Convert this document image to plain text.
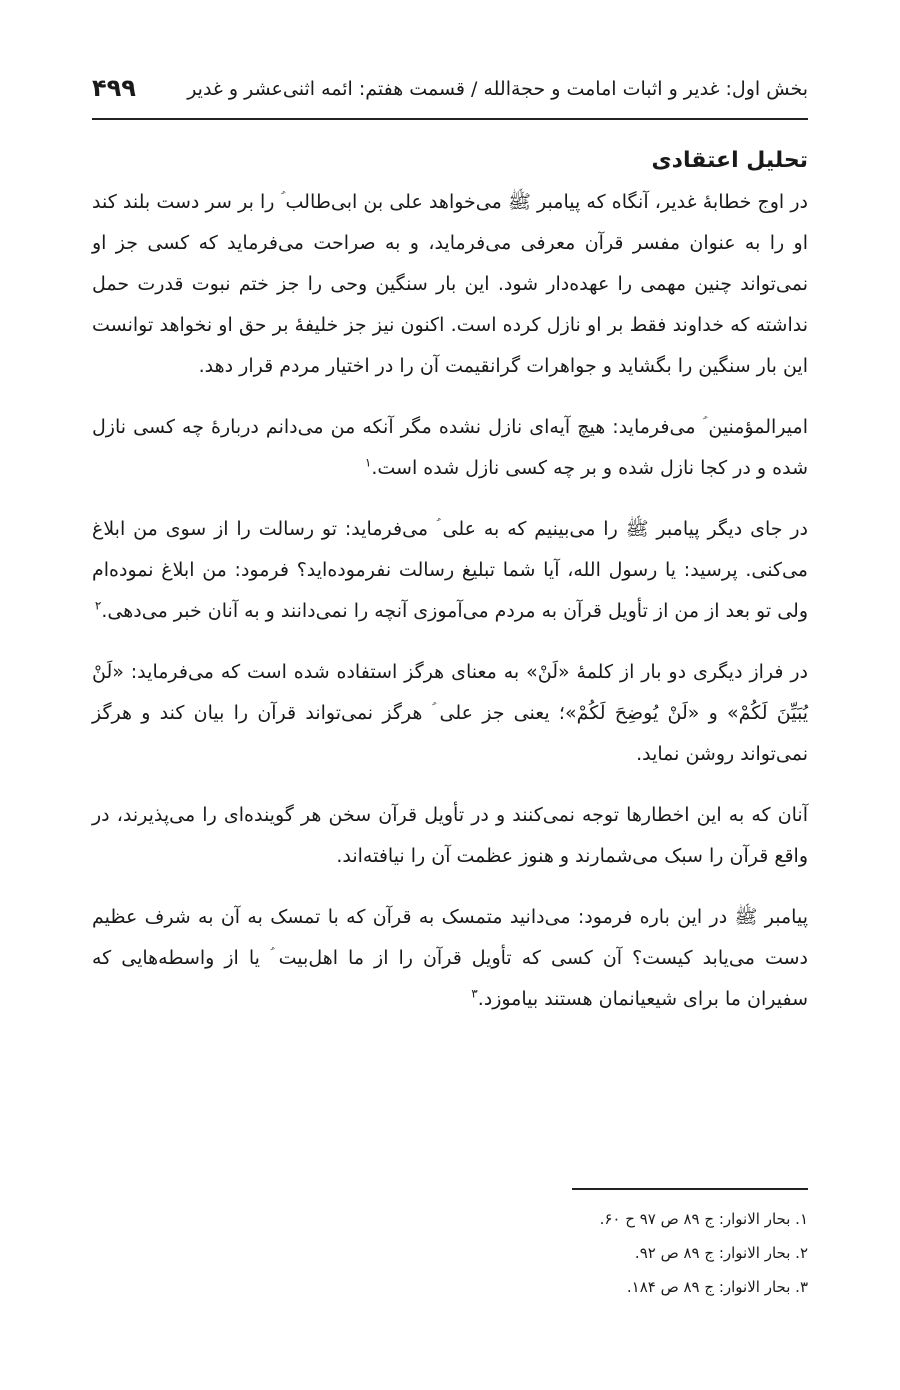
بخش اول: غدیر و اثبات امامت و حجةالله / قسمت هفتم: ائمه اثنی‌عشر و غدیر
۴۹۹
تحلیل اعتقادی

در اوج خطابهٔ غدیر، آنگاه که پیامبر ﷺ می‌خواهد علی بن ابی‌طالب ؑ را بر سر دست بلند کند او را به عنوان مفسر قرآن معرفی می‌فرماید، و به صراحت می‌فرماید که کسی جز او نمی‌تواند چنین مهمی را عهده‌دار شود. این بار سنگین وحی را جز ختم نبوت قدرت حمل نداشته که خداوند فقط بر او نازل کرده است. اکنون نیز جز خلیفهٔ بر حق او نخواهد توانست این بار سنگین را بگشاید و جواهرات گرانقیمت آن را در اختیار مردم قرار دهد.

امیرالمؤمنین ؑ می‌فرماید: هیچ آیه‌ای نازل نشده مگر آنکه من می‌دانم دربارهٔ چه کسی نازل شده و در کجا نازل شده و بر چه کسی نازل شده است.$^۱$

در جای دیگر پیامبر ﷺ را می‌بینیم که به علی ؑ می‌فرماید: تو رسالت را از سوی من ابلاغ می‌کنی. پرسید: یا رسول الله، آیا شما تبلیغ رسالت نفرموده‌اید؟ فرمود: من ابلاغ نموده‌ام ولی تو بعد از من از تأویل قرآن به مردم می‌آموزی آنچه را نمی‌دانند و به آنان خبر می‌دهی.$^۲$

در فراز دیگری دو بار از کلمهٔ «لَنْ» به معنای هرگز استفاده شده است که می‌فرماید: «لَنْ یُبَیِّنَ لَکُمْ» و «لَنْ یُوضِحَ لَکُمْ»؛ یعنی جز علی ؑ هرگز نمی‌تواند قرآن را بیان کند و هرگز نمی‌تواند روشن نماید.

آنان که به این اخطارها توجه نمی‌کنند و در تأویل قرآن سخن هر گوینده‌ای را می‌پذیرند، در واقع قرآن را سبک می‌شمارند و هنوز عظمت آن را نیافته‌اند.

پیامبر ﷺ در این باره فرمود: می‌دانید متمسک به قرآن که با تمسک به آن به شرف عظیم دست می‌یابد کیست؟ آن کسی که تأویل قرآن را از ما اهل‌بیت ؑ یا از واسطه‌هایی که سفیران ما برای شیعیانمان هستند بیاموزد.$^۳$

۱. بحار الانوار: ج ۸۹ ص ۹۷ ح ۶۰.

۲. بحار الانوار: ج ۸۹ ص ۹۲.

۳. بحار الانوار: ج ۸۹ ص ۱۸۴.
